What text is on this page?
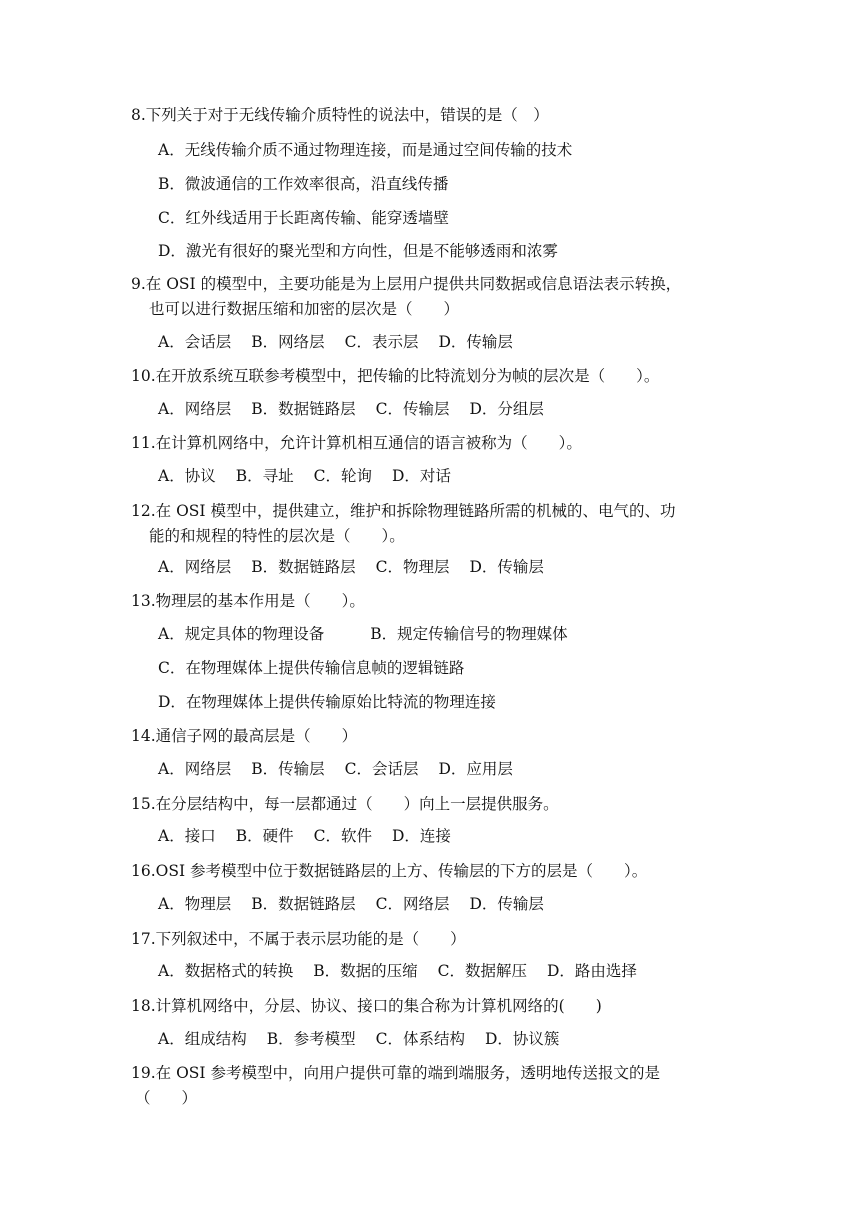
8.下列关于对于无线传输介质特性的说法中，错误的是（　）

A．无线传输介质不通过物理连接，而是通过空间传输的技术

B．微波通信的工作效率很高，沿直线传播

C．红外线适用于长距离传输、能穿透墙壁

D．激光有很好的聚光型和方向性，但是不能够透雨和浓雾

9.在 OSI 的模型中，主要功能是为上层用户提供共同数据或信息语法表示转换，
也可以进行数据压缩和加密的层次是（　　）

A．会话层 B．网络层 C．表示层 D．传输层

10.在开放系统互联参考模型中，把传输的比特流划分为帧的层次是（　　）。

A．网络层 B．数据链路层 C．传输层 D．分组层

11.在计算机网络中，允许计算机相互通信的语言被称为（　　）。

A．协议 B．寻址 C．轮询 D．对话

12.在 OSI 模型中，提供建立，维护和拆除物理链路所需的机械的、电气的、功
能的和规程的特性的层次是（　　）。

A．网络层 B．数据链路层 C．物理层 D．传输层

13.物理层的基本作用是（　　）。

A．规定具体的物理设备	B．规定传输信号的物理媒体

C．在物理媒体上提供传输信息帧的逻辑链路

D．在物理媒体上提供传输原始比特流的物理连接

14.通信子网的最高层是（　　）

A．网络层 B．传输层 C．会话层 D．应用层

15.在分层结构中，每一层都通过（　　）向上一层提供服务。

A．接口 B．硬件 C．软件 D．连接

16.OSI 参考模型中位于数据链路层的上方、传输层的下方的层是（　　）。

A．物理层 B．数据链路层 C．网络层 D．传输层

17.下列叙述中，不属于表示层功能的是（　　）

A．数据格式的转换 B．数据的压缩 C．数据解压 D．路由选择

18.计算机网络中，分层、协议、接口的集合称为计算机网络的(　　)

A．组成结构 B．参考模型 C．体系结构 D．协议簇

19.在 OSI 参考模型中，向用户提供可靠的端到端服务，透明地传送报文的是
（　　）
